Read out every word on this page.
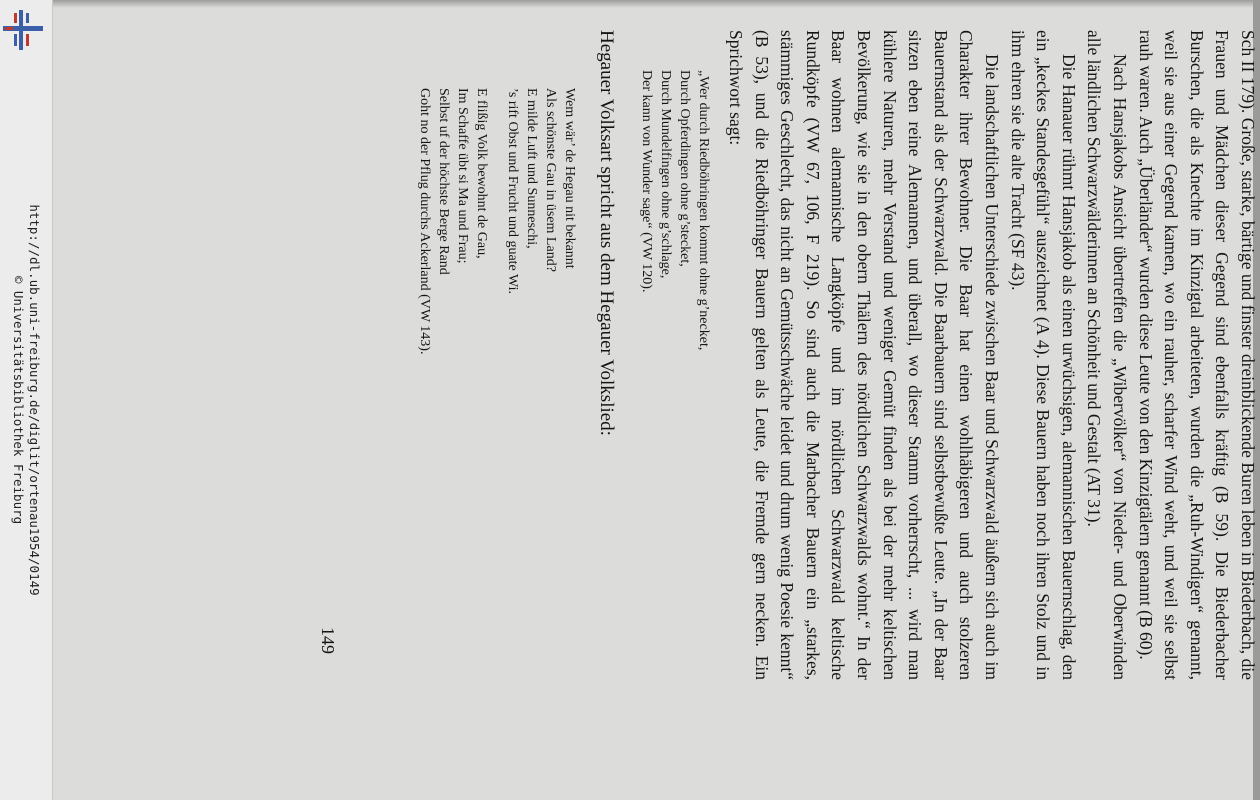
http://dl.ub.uni-freiburg.de/diglit/ortenau1954/0149
© Universitätsbibliothek Freiburg	Sch II 179). Große, starke, bärtige und finster dreinblickende Buren leben in Biederbach, die Frauen und Mädchen dieser Gegend sind ebenfalls kräftig (B 59). Die Biederbacher Burschen, die als Knechte im Kinzigtal arbeiteten, wurden die „Ruh-Windigen“ genannt, weil sie aus einer Gegend kamen, wo ein rauher, scharfer Wind weht, und weil sie selbst rauh waren. Auch „Überländer“ wurden diese Leute von den Kinzigtälern genannt (B 60).

Nach Hansjakobs Ansicht übertreffen die „Wibervölker“ von Nieder- und Oberwinden alle ländlichen Schwarzwälderinnen an Schönheit und Gestalt (AT 31).

Die Hanauer rühmt Hansjakob als einen urwüchsigen, alemannischen Bauernschlag, den ein „keckes Standesgefühl“ auszeichnet (A 4). Diese Bauern haben noch ihren Stolz und in ihm ehren sie die alte Tracht (SF 43).

Die landschaftlichen Unterschiede zwischen Baar und Schwarzwald äußern sich auch im Charakter ihrer Bewohner. Die Baar hat einen wohlhäbigeren und auch stolzeren Bauernstand als der Schwarzwald. Die Baarbauern sind selbstbewußte Leute. „In der Baar sitzen eben reine Alemannen, und überall, wo dieser Stamm vorherrscht, ... wird man kühlere Naturen, mehr Verstand und weniger Gemüt finden als bei der mehr keltischen Bevölkerung, wie sie in den obern Thälern des nördlichen Schwarzwalds wohnt.“ In der Baar wohnen alemannische Langköpfe und im nördlichen Schwarzwald keltische Rundköpfe (VW 67, 106, F 219). So sind auch die Marbacher Bauern ein „starkes, stämmiges Geschlecht, das nicht an Gemütsschwäche leidet und drum wenig Poesie kennt“ (B 53), und die Riedböhringer Bauern gelten als Leute, die Fremde gern necken. Ein Sprichwort sagt:

„Wer durch Riedböhringen kommt ohne g’necket,
Durch Opferdingen ohne g’stecket,
Durch Mundelfingen ohne g’schlage,
Der kann von Wunder sage“ (VW 120).

Hegauer Volksart spricht aus dem Hegauer Volkslied:

Wem wär’ de Hegau nit bekannt
Als schönste Gau in üsem Land?
E milde Luft und Sunneschi,
’s rift Obst und Frucht und guate Wi.
E flißig Volk bewohnt de Gau,
Im Schaffe übt si Ma und Frau;
Selbst uf der höchste Berge Rand
Goht no der Pflug durchs Ackerland (VW 143).
149
